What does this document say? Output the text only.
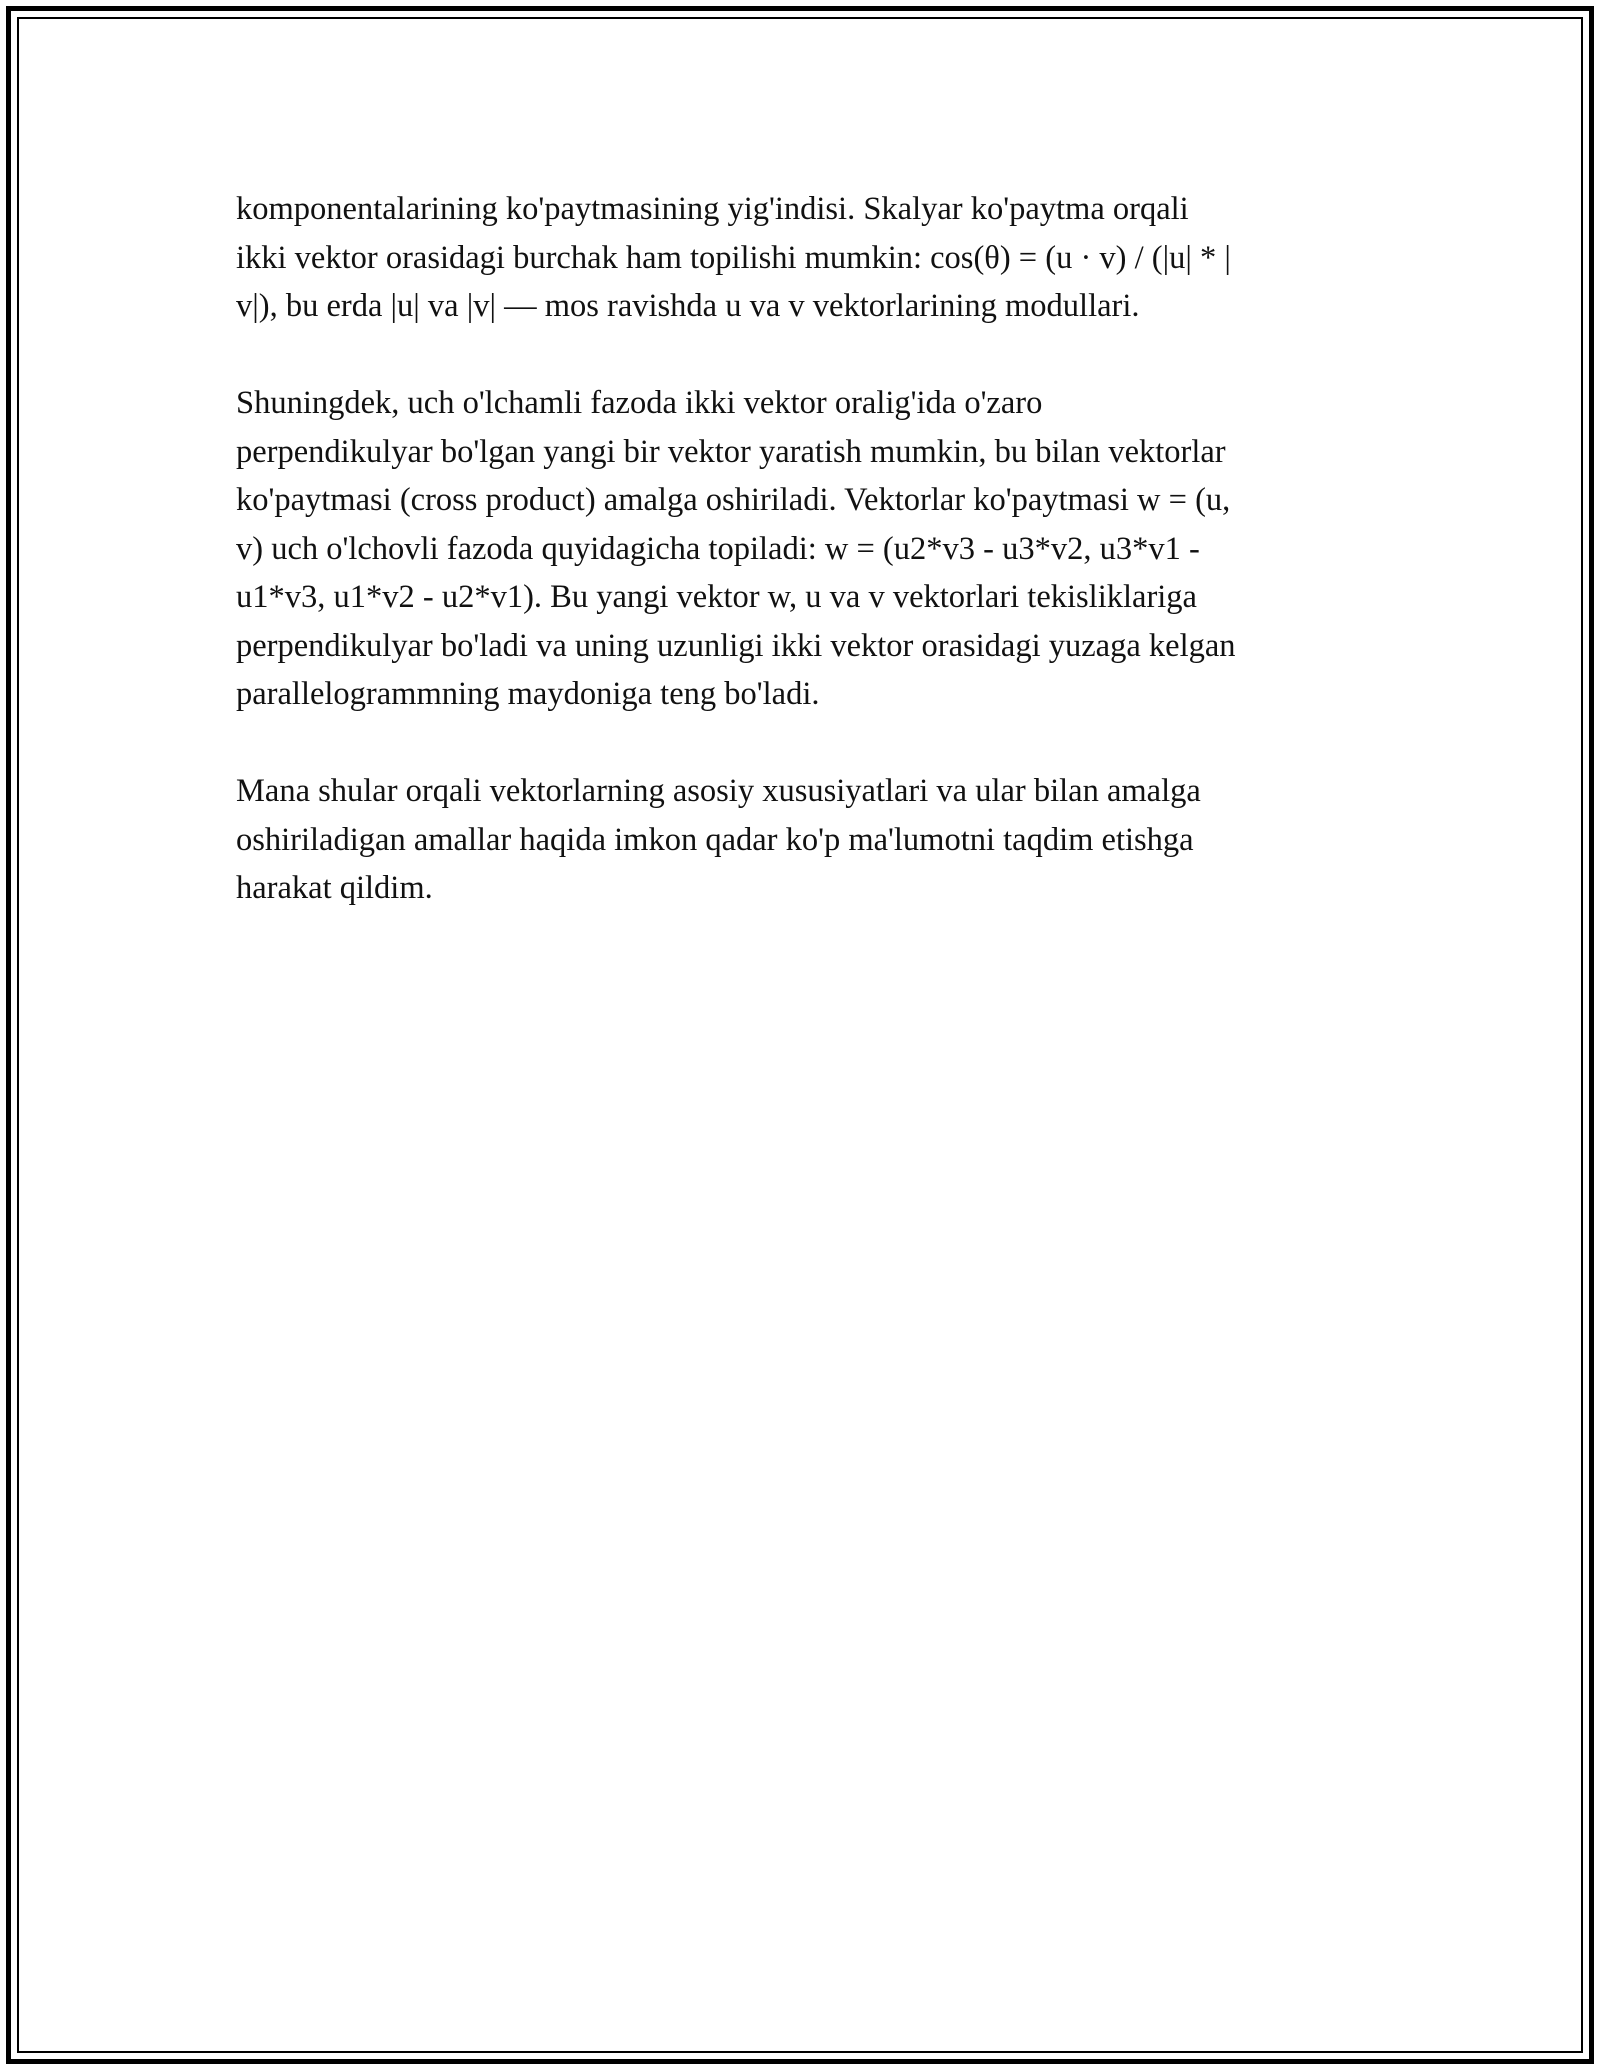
komponentalarining ko'paytmasining yig'indisi. Skalyar ko'paytma orqali
ikki vektor orasidagi burchak ham topilishi mumkin: cos(θ) = (u · v) / (|u| * |
v|), bu erda |u| va |v| — mos ravishda u va v vektorlarining modullari.

Shuningdek, uch o'lchamli fazoda ikki vektor oralig'ida o'zaro
perpendikulyar bo'lgan yangi bir vektor yaratish mumkin, bu bilan vektorlar
ko'paytmasi (cross product) amalga oshiriladi. Vektorlar ko'paytmasi w = (u,
v) uch o'lchovli fazoda quyidagicha topiladi: w = (u2*v3 - u3*v2, u3*v1 -
u1*v3, u1*v2 - u2*v1). Bu yangi vektor w, u va v vektorlari tekisliklariga
perpendikulyar bo'ladi va uning uzunligi ikki vektor orasidagi yuzaga kelgan
parallelogrammning maydoniga teng bo'ladi.

Mana shular orqali vektorlarning asosiy xususiyatlari va ular bilan amalga
oshiriladigan amallar haqida imkon qadar ko'p ma'lumotni taqdim etishga
harakat qildim.
